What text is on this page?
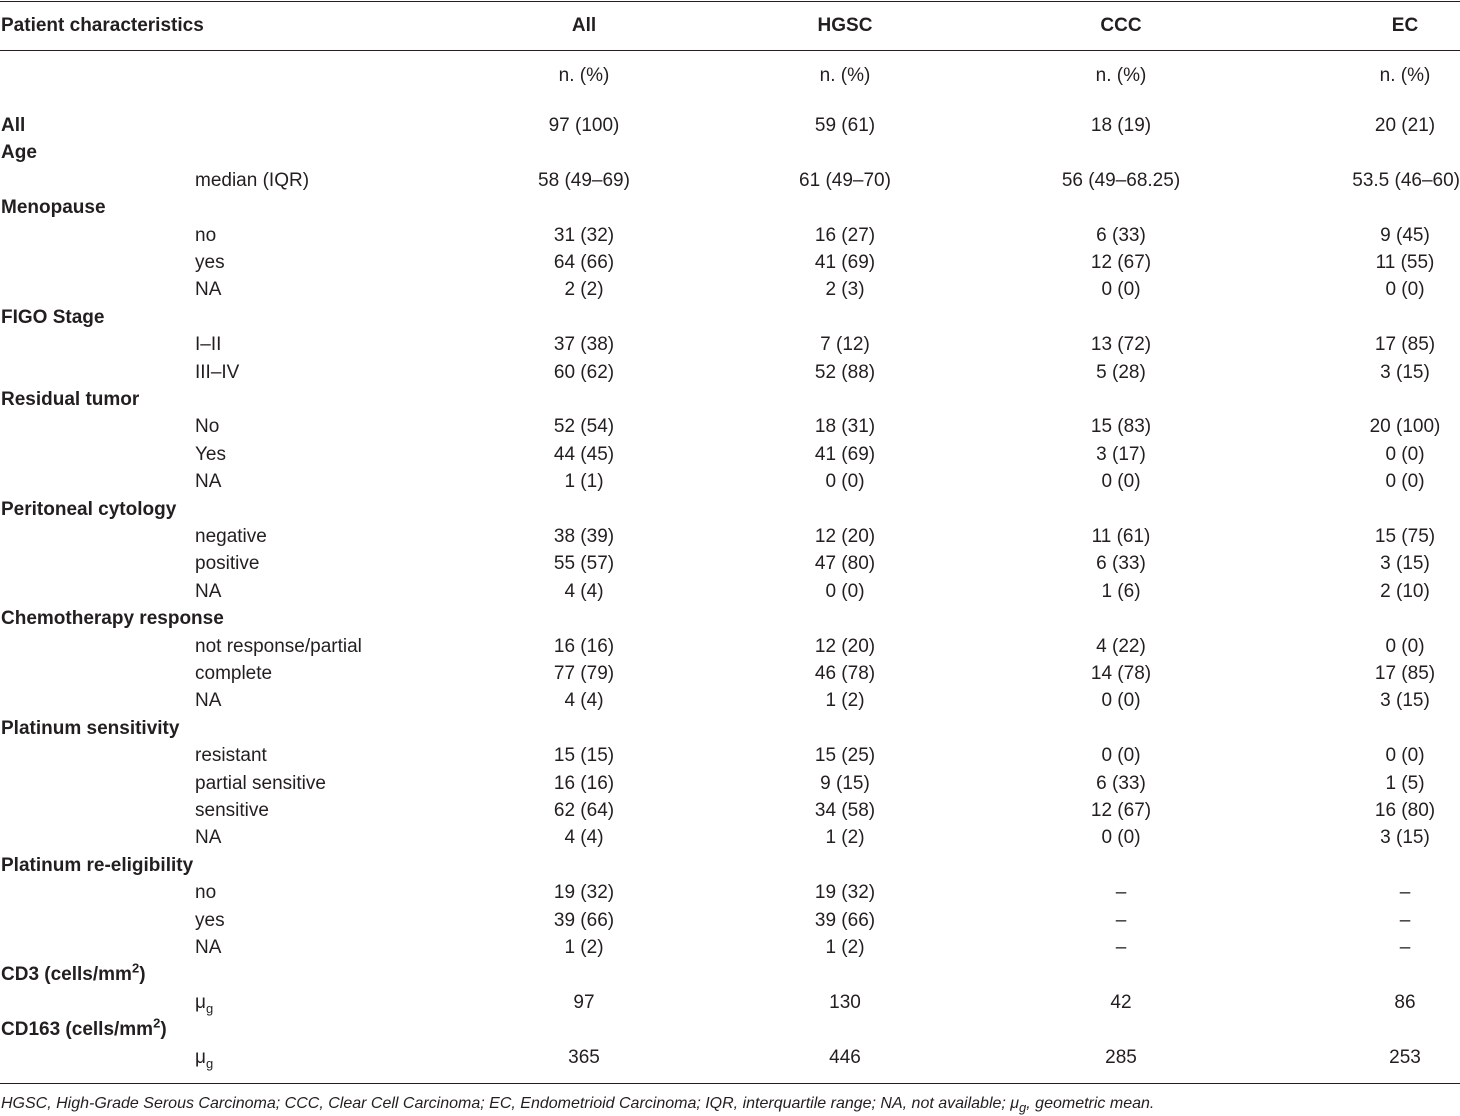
Patient characteristics	All	HGSC	CCC	EC
n. (%)	n. (%)	n. (%)	n. (%)
All	97 (100)	59 (61)	18 (19)	20 (21)
Age
median (IQR)	58 (49–69)	61 (49–70)	56 (49–68.25)	53.5 (46–60)
Menopause
no	31 (32)	16 (27)	6 (33)	9 (45)
yes	64 (66)	41 (69)	12 (67)	11 (55)
NA	2 (2)	2 (3)	0 (0)	0 (0)
FIGO Stage
I–II	37 (38)	7 (12)	13 (72)	17 (85)
III–IV	60 (62)	52 (88)	5 (28)	3 (15)
Residual tumor
No	52 (54)	18 (31)	15 (83)	20 (100)
Yes	44 (45)	41 (69)	3 (17)	0 (0)
NA	1 (1)	0 (0)	0 (0)	0 (0)
Peritoneal cytology
negative	38 (39)	12 (20)	11 (61)	15 (75)
positive	55 (57)	47 (80)	6 (33)	3 (15)
NA	4 (4)	0 (0)	1 (6)	2 (10)
Chemotherapy response
not response/partial	16 (16)	12 (20)	4 (22)	0 (0)
complete	77 (79)	46 (78)	14 (78)	17 (85)
NA	4 (4)	1 (2)	0 (0)	3 (15)
Platinum sensitivity
resistant	15 (15)	15 (25)	0 (0)	0 (0)
partial sensitive	16 (16)	9 (15)	6 (33)	1 (5)
sensitive	62 (64)	34 (58)	12 (67)	16 (80)
NA	4 (4)	1 (2)	0 (0)	3 (15)
Platinum re-eligibility
no	19 (32)	19 (32)	–	–
yes	39 (66)	39 (66)	–	–
NA	1 (2)	1 (2)	–	–
CD3 $(cells/mm^2)$
$\mu_g$	97	130	42	86
CD163 $(cells/mm^2)$
$\mu_g$	365	446	285	253
HGSC, High-Grade Serous Carcinoma; CCC, Clear Cell Carcinoma; EC, Endometrioid Carcinoma; IQR, interquartile range; NA, not available; $\mu_g$, geometric mean.
